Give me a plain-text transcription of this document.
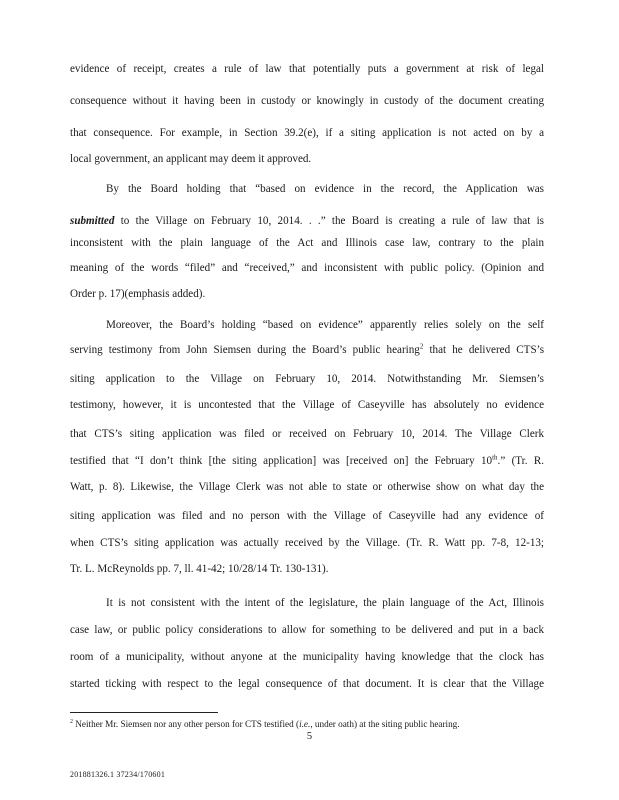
evidence of receipt, creates a rule of law that potentially puts a government at risk of legal
consequence without it having been in custody or knowingly in custody of the document creating
that consequence. For example, in Section 39.2(e), if a siting application is not acted on by a
local government, an applicant may deem it approved.
By the Board holding that “based on evidence in the record, the Application was
submitted to the Village on February 10, 2014. . .” the Board is creating a rule of law that is
inconsistent with the plain language of the Act and Illinois case law, contrary to the plain
meaning of the words “filed” and “received,” and inconsistent with public policy. (Opinion and
Order p. 17)(emphasis added).
Moreover, the Board’s holding “based on evidence” apparently relies solely on the self
serving testimony from John Siemsen during the Board’s public hearing$^2$ that he delivered CTS’s
siting application to the Village on February 10, 2014. Notwithstanding Mr. Siemsen’s
testimony, however, it is uncontested that the Village of Caseyville has absolutely no evidence
that CTS’s siting application was filed or received on February 10, 2014. The Village Clerk
testified that “I don’t think [the siting application] was [received on] the February 10th.” (Tr. R.
Watt, p. 8). Likewise, the Village Clerk was not able to state or otherwise show on what day the
siting application was filed and no person with the Village of Caseyville had any evidence of
when CTS’s siting application was actually received by the Village. (Tr. R. Watt pp. 7-8, 12-13;
Tr. L. McReynolds pp. 7, ll. 41-42; 10/28/14 Tr. 130-131).
It is not consistent with the intent of the legislature, the plain language of the Act, Illinois
case law, or public policy considerations to allow for something to be delivered and put in a back
room of a municipality, without anyone at the municipality having knowledge that the clock has
started ticking with respect to the legal consequence of that document. It is clear that the Village
$^2$ Neither Mr. Siemsen nor any other person for CTS testified (i.e., under oath) at the siting public hearing.
5
201881326.1 37234/170601
